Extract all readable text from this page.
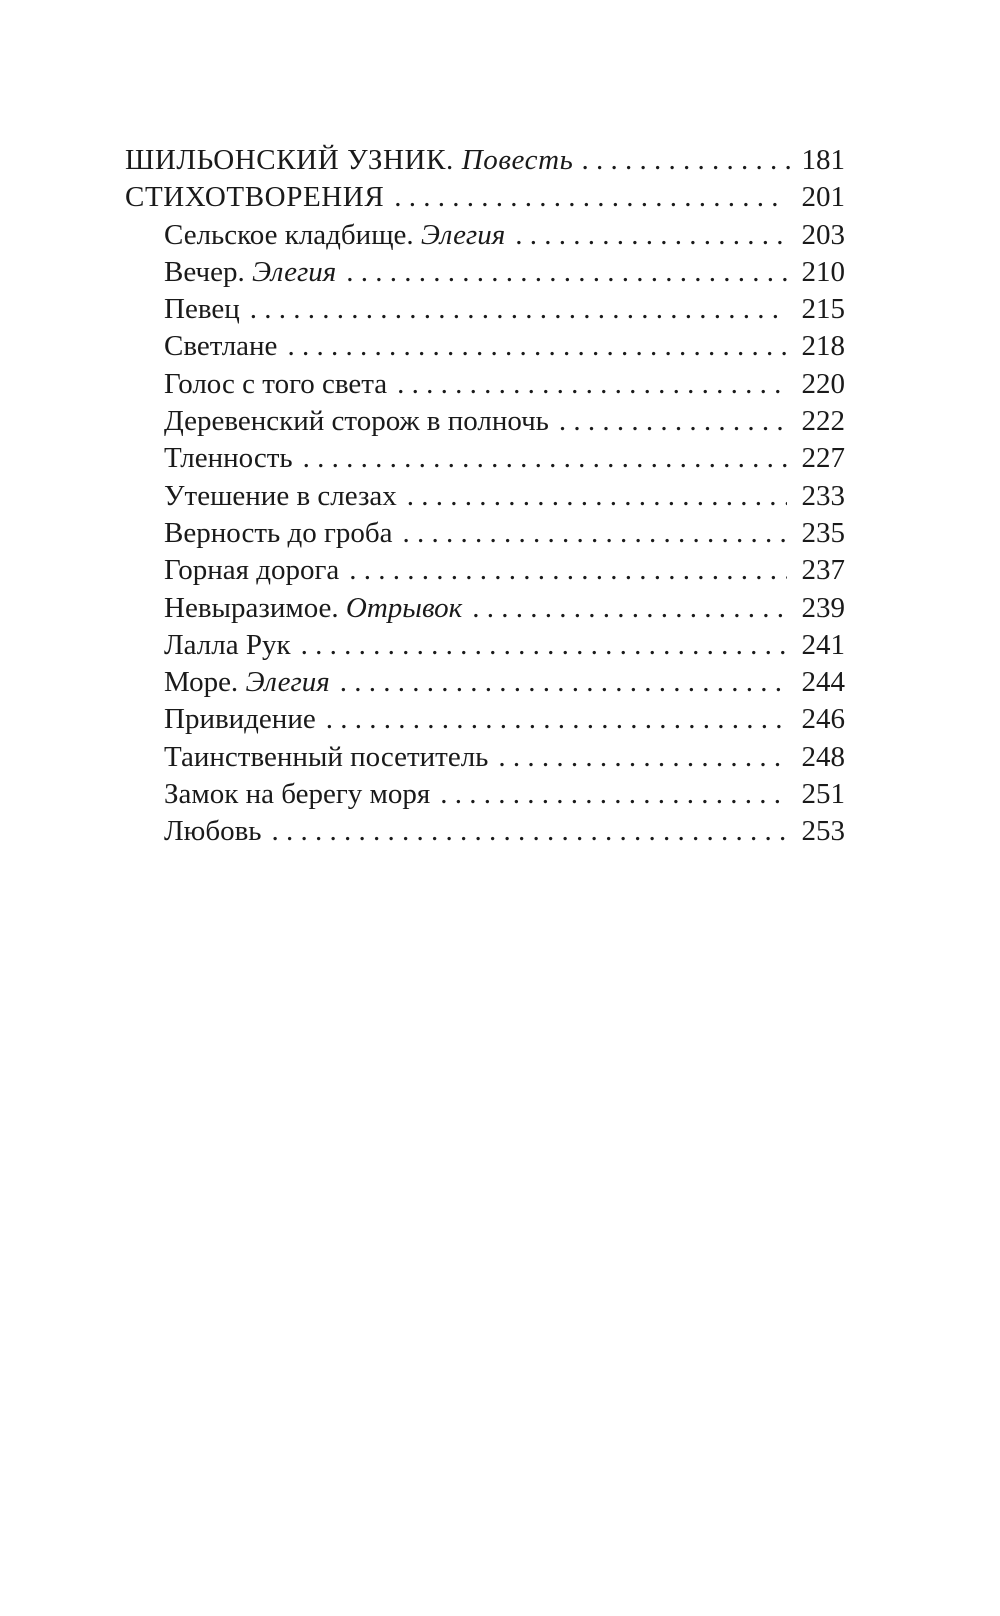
ШИЛЬОНСКИЙ УЗНИК. Повесть . . .	181
СТИХОТВОРЕНИЯ . . .	201
Сельское кладбище. Элегия . . .	203
Вечер. Элегия . . .	210
Певец . . .	215
Светлане . . .	218
Голос с того света . . .	220
Деревенский сторож в полночь . . .	222
Тленность . . .	227
Утешение в слезах . . .	233
Верность до гроба . . .	235
Горная дорога . . .	237
Невыразимое. Отрывок . . .	239
Лалла Рук . . .	241
Море. Элегия . . .	244
Привидение . . .	246
Таинственный посетитель . . .	248
Замок на берегу моря . . .	251
Любовь . . .	253
